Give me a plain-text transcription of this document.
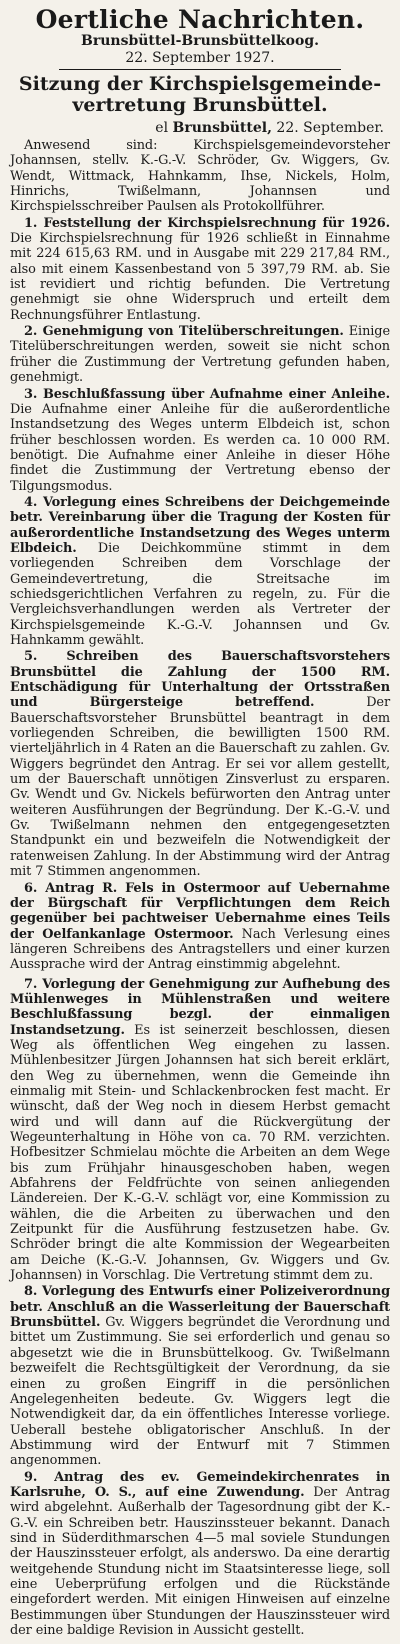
Oertliche Nachrichten.
Brunsbüttel-Brunsbüttelkoog.
22. September 1927.
Sitzung der Kirchspielsgemeinde-vertretung Brunsbüttel.
el Brunsbüttel, 22. September.

Anwesend sind: Kirchspielsgemeindevorsteher Johannsen, stellv. K.-G.-V. Schröder, Gv. Wiggers, Gv. Wendt, Wittmack, Hahnkamm, Ihse, Nickels, Holm, Hinrichs, Twißelmann, Johannsen und Kirchspielsschreiber Paulsen als Protokollführer.

1. Feststellung der Kirchspielsrechnung für 1926. Die Kirchspielsrechnung für 1926 schließt in Einnahme mit 224 615,63 RM. und in Ausgabe mit 229 217,84 RM., also mit einem Kassenbestand von 5 397,79 RM. ab. Sie ist revidiert und richtig befunden. Die Vertretung genehmigt sie ohne Widerspruch und erteilt dem Rechnungsführer Entlastung.

2. Genehmigung von Titelüberschreitungen. Einige Titelüberschreitungen werden, soweit sie nicht schon früher die Zustimmung der Vertretung gefunden haben, genehmigt.

3. Beschlußfassung über Aufnahme einer Anleihe. Die Aufnahme einer Anleihe für die außerordentliche Instandsetzung des Weges unterm Elbdeich ist, schon früher beschlossen worden. Es werden ca. 10 000 RM. benötigt. Die Aufnahme einer Anleihe in dieser Höhe findet die Zustimmung der Vertretung ebenso der Tilgungsmodus.

4. Vorlegung eines Schreibens der Deichgemeinde betr. Vereinbarung über die Tragung der Kosten für außerordentliche Instandsetzung des Weges unterm Elbdeich. Die Deichkommüne stimmt in dem vorliegenden Schreiben dem Vorschlage der Gemeindevertretung, die Streitsache im schiedsgerichtlichen Verfahren zu regeln, zu. Für die Vergleichsverhandlungen werden als Vertreter der Kirchspielsgemeinde K.-G.-V. Johannsen und Gv. Hahnkamm gewählt.

5. Schreiben des Bauerschaftsvorstehers Brunsbüttel die Zahlung der 1500 RM. Entschädigung für Unterhaltung der Ortsstraßen und Bürgersteige betreffend.	Der Bauerschaftsvorsteher Brunsbüttel beantragt in dem vorliegenden Schreiben, die bewilligten 1500 RM. vierteljährlich in 4 Raten an die Bauerschaft zu zahlen. Gv. Wiggers begründet den Antrag. Er sei vor allem gestellt, um der Bauerschaft unnötigen Zinsverlust zu ersparen. Gv. Wendt und Gv. Nickels befürworten den Antrag unter weiteren Ausführungen der Begründung. Der K.-G.-V. und Gv. Twißelmann nehmen den entgegengesetzten Standpunkt ein und bezweifeln die Notwendigkeit der ratenweisen Zahlung. In der Abstimmung wird der Antrag mit 7 Stimmen angenommen.

6. Antrag R. Fels in Ostermoor auf Uebernahme der Bürgschaft für Verpflichtungen dem Reich gegenüber bei pachtweiser Uebernahme eines Teils der Oelfankanlage Ostermoor. Nach Verlesung eines längeren Schreibens des Antragstellers und einer kurzen Aussprache wird der Antrag einstimmig abgelehnt.

7. Vorlegung der Genehmigung zur Aufhebung des Mühlenweges in Mühlenstraßen und weitere Beschlußfassung bezgl. der einmaligen Instandsetzung. Es ist seinerzeit beschlossen, diesen Weg als öffentlichen Weg eingehen zu lassen. Mühlenbesitzer Jürgen Johannsen hat sich bereit erklärt, den Weg zu übernehmen, wenn die Gemeinde ihn einmalig mit Stein- und Schlackenbrocken fest macht. Er wünscht, daß der Weg noch in diesem Herbst gemacht wird und will dann auf die Rückvergütung der Wegeunterhaltung in Höhe von ca. 70 RM. verzichten. Hofbesitzer Schmielau möchte die Arbeiten an dem Wege bis zum Frühjahr hinausgeschoben haben, wegen Abfahrens der Feldfrüchte von seinen anliegenden Ländereien. Der K.-G.-V. schlägt vor, eine Kommission zu wählen, die die Arbeiten zu überwachen und den Zeitpunkt für die Ausführung festzusetzen habe. Gv. Schröder bringt die alte Kommission der Wegearbeiten am Deiche (K.-G.-V. Johannsen, Gv. Wiggers und Gv. Johannsen) in Vorschlag. Die Vertretung stimmt dem zu.

8. Vorlegung des Entwurfs einer Polizeiverordnung betr. Anschluß an die Wasserleitung der Bauerschaft Brunsbüttel. Gv. Wiggers begründet die Verordnung und bittet um Zustimmung. Sie sei erforderlich und genau so abgesetzt wie die in Brunsbüttelkoog. Gv. Twißelmann bezweifelt die Rechtsgültigkeit der Verordnung, da sie einen zu großen Eingriff in die persönlichen Angelegenheiten bedeute. Gv. Wiggers legt die Notwendigkeit dar, da ein öffentliches Interesse vorliege. Ueberall bestehe obligatorischer Anschluß. In der Abstimmung wird der Entwurf mit 7 Stimmen angenommen.

9. Antrag des ev. Gemeindekirchenrates in Karlsruhe, O. S., auf eine Zuwendung. Der Antrag wird abgelehnt. Außerhalb der Tagesordnung gibt der K.-G.-V. ein Schreiben betr. Hauszinssteuer bekannt. Danach sind in Süderdithmarschen 4—5 mal soviele Stundungen der Hauszinssteuer erfolgt, als anderswo. Da eine derartig weitgehende Stundung nicht im Staatsinteresse liege, soll eine Ueberprüfung erfolgen und die Rückstände eingefordert werden. Mit einigen Hinweisen auf einzelne Bestimmungen über Stundungen der Hauszinssteuer wird der eine baldige Revision in Aussicht gestellt.
